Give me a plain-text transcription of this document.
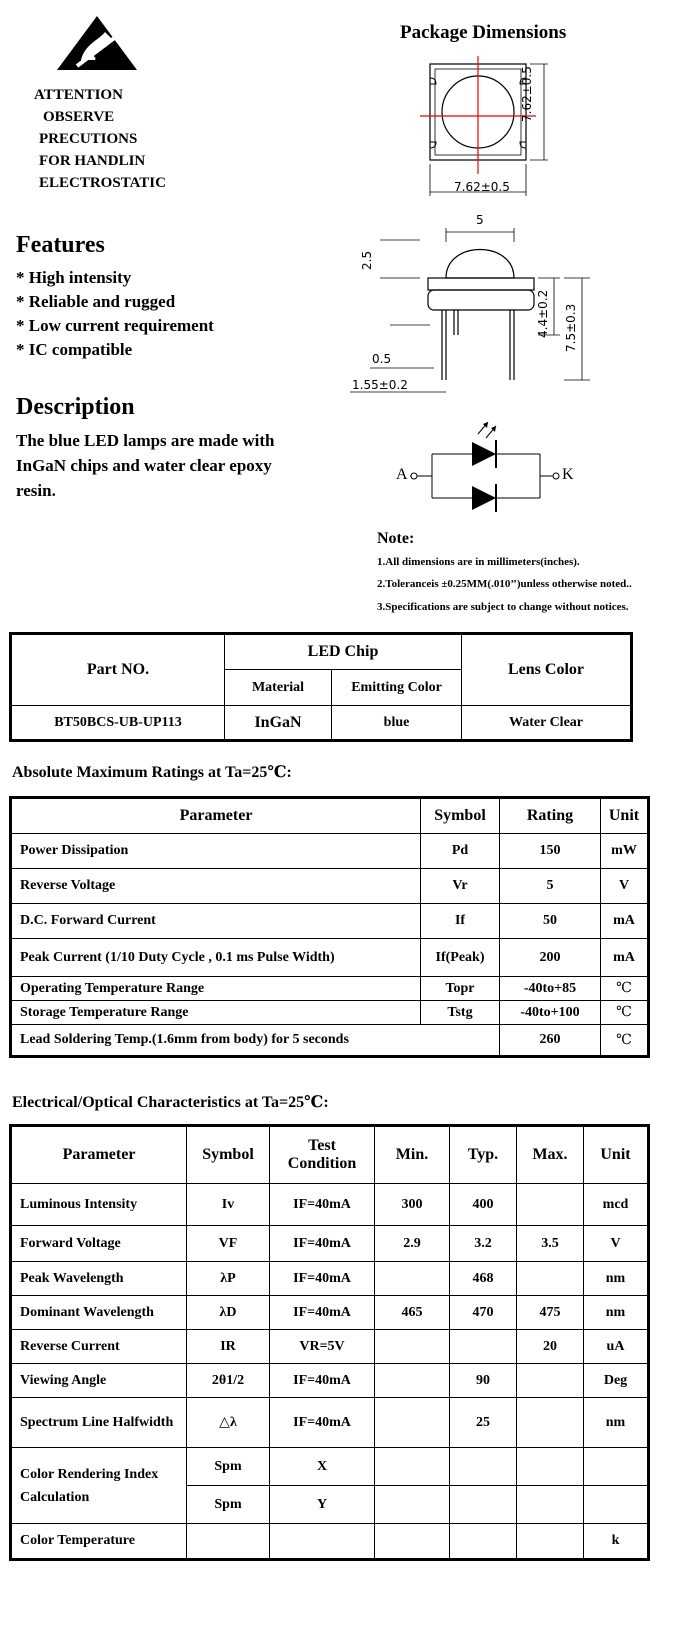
ATTENTION
OBSERVE
PRECUTIONS
FOR HANDLIN
ELECTROSTATIC
Features
* High intensity
* Reliable and rugged
* Low current requirement
* IC compatible
Description
The blue LED lamps are made with InGaN chips and water clear epoxy resin.
Package Dimensions
7.62±0.5
7.62±0.5
5
2.5
4.4±0.2 7.5±0.3
0.5
1.55±0.2
A	K
Note:
1.All dimensions are in millimeters(inches).
2.Toleranceis ±0.25MM(.010’’)unless otherwise noted..
3.Specifications are subject to change without notices.
Part NO.	LED Chip		Lens Color
	Material	Emitting Color	
BT50BCS-UB-UP113	InGaN	blue	Water Clear
Absolute Maximum Ratings at Ta=25℃:
Parameter	Symbol	Rating	Unit
Power Dissipation	Pd	150	mW
Reverse Voltage	Vr	5	V
D.C. Forward Current	If	50	mA
Peak Current (1/10 Duty Cycle , 0.1 ms Pulse Width)	If(Peak)	200	mA
Operating Temperature Range	Topr	-40to+85	℃
Storage Temperature Range	Tstg	-40to+100	℃
Lead Soldering Temp.(1.6mm from body) for 5 seconds		260	℃
Electrical/Optical Characteristics at Ta=25℃:
Parameter	Symbol	Test Condition	Min.	Typ.	Max.	Unit
Luminous Intensity	Iv	IF=40mA	300	400		mcd
Forward Voltage	VF	IF=40mA	2.9	3.2	3.5	V
Peak Wavelength	λP	IF=40mA		468		nm
Dominant Wavelength	λD	IF=40mA	465	470	475	nm
Reverse Current	IR	VR=5V			20	uA
Viewing Angle	2θ1/2	IF=40mA		90		Deg
Spectrum Line Halfwidth	△λ	IF=40mA		25		nm
Color Rendering Index Calculation	Spm	X				
	Spm	Y				
Color Temperature						k
